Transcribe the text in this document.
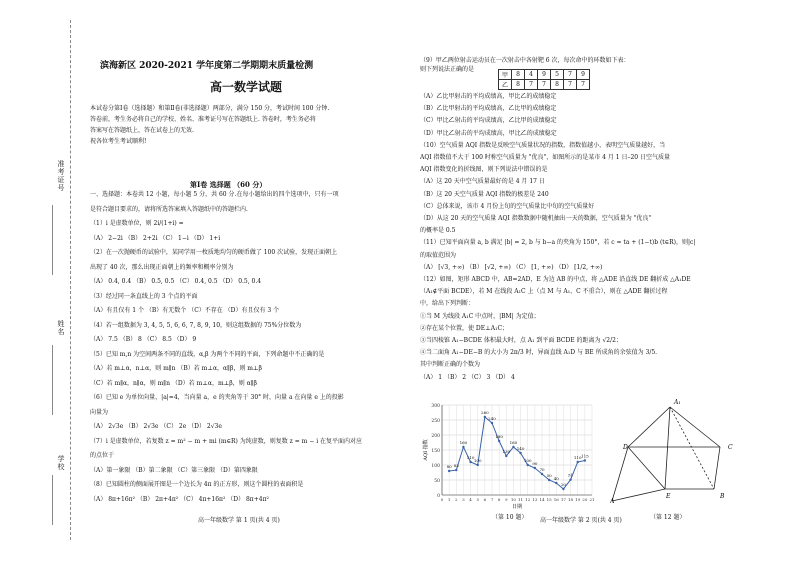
准考证号
姓名
学校
滨海新区 2020-2021 学年度第二学期期末质量检测
高一数学试题
本试卷分第Ⅰ卷（选择题）和第Ⅱ卷(非选择题）两部分，满分 150 分，考试时间 100 分钟.
答卷前，考生务必将自己的学校、姓名、准考证号写在答题纸上. 答卷时，考生务必将
答案写在答题纸上，答在试卷上的无效.
祝各位考生考试顺利!
第Ⅰ卷 选择题 （60 分）
一、选择题：本卷共 12 小题，每小题 5 分，共 60 分.在每小题给出的四个选项中，只有一项
是符合题目要求的，请将所选答案填入答题纸中的答题栏内.
（1）i 是虚数单位，则 2i/(1+i) =
（A） 2−2i （B） 2+2i （C） 1−i （D） 1+i
（2）在一次抛硬币的试验中，某同学用一枚质地均匀的硬币做了 100 次试验，发现正面朝上
出现了 40 次，那么出现正面朝上的频率和概率分别为
（A） 0.4, 0.4 （B） 0.5, 0.5 （C） 0.4, 0.5 （D） 0.5, 0.4
（3）经过同一条直线上的 3 个点的平面
（A）有且仅有 1 个 （B）有无数个 （C）不存在 （D）有且仅有 3 个
（4）若一组数据为 3, 4, 5, 5, 6, 6, 7, 8, 9, 10，则这组数据的 75%分位数为
（A） 7.5 （B） 8 （C） 8.5 （D） 9
（5）已知 m,n 为空间两条不同的直线，α,β 为两个不同的平面，下列命题中不正确的是
（A）若 m⊥α，n⊥α，则 m∥n （B）若 m⊥α，α∥β，则 m⊥β
（C）若 m∥α，n∥α，则 m∥n （D）若 m⊥α，m⊥β，则 α∥β
（6）已知 e 为单位向量，|a|=4，当向量 a，e 的夹角等于 30° 时，向量 a 在向量 e 上的投影
向量为
（A） 2√3e （B） 2√3e （C） 2e （D） 2√3e
（7）i 是虚数单位，若复数 z = m² − m + mi (m∈R) 为纯虚数，则复数 z = m − i 在复平面内对应
的点位于
（A）第一象限 （B）第二象限 （C）第三象限 （D）第四象限
（8）已知圆柱的侧面展开图是一个边长为 4π 的正方形，则这个圆柱的表面积是
（A） 8π+16π² （B） 2π+4π² （C） 4π+16π² （D） 8π+4π²
高一年级数学 第 1 页(共 4 页)
（9）甲乙两位射击运动员在一次射击中各射靶 6 次，每次命中的环数如下表：
则下列说法正确的是
甲	8	4	9	5	7	9
乙	8	7	7	8	7	7
（A）乙比甲射击的平均成绩高，甲比乙的成绩稳定
（B）乙比甲射击的平均成绩高，乙比甲的成绩稳定
（C）甲比乙射击的平均成绩高，乙比甲的成绩稳定
（D）甲比乙射击的平均成绩高，甲比乙的成绩稳定
（10）空气质量 AQI 指数是反映空气质量状况的指数，指数值越小，表明空气质量越好，当
AQI 指数值不大于 100 时称空气质量为 "优良"，如图所示的是某市 4 月 1 日–20 日空气质量
AQI 指数变化的折线图，则下列说法中错误的是
（A）这 20 天中空气质量最好的是 4 月 17 日
（B）这 20 天空气质量 AQI 指数的极差是 240
（C）总体来说，该市 4 月份上旬的空气质量比中旬的空气质量好
（D）从这 20 天的空气质量 AQI 指数数据中随机抽出一天的数据，空气质量为 "优良"
的概率是 0.5
（11）已知平面向量 a, b 满足 |b| = 2, b 与 b−a 的夹角为 150°，若 c = ta + (1−t)b (t∈R)，则|c|
的取值范围为
（A） [√3, +∞) （B） [√2, +∞) （C） [1, +∞) （D） [1/2, +∞)
（12）如图，矩形 ABCD 中，AB=2AD，E 为边 AB 的中点，将 △ADE 沿直线 DE 翻折成 △A₁DE
（A₁∉平面 BCDE），若 M 在线段 A₁C 上（点 M 与 A₁、C 不重合），则在 △ADE 翻折过程
中，给出下列判断：
①当 M 为线段 A₁C 中点时，|BM| 为定值；
②存在某个位置，使 DE⊥A₁C；
③当四棱锥 A₁−BCDE 体积最大时，点 A₁ 到平面 BCDE 的距离为 √2/2；
④当二面角 A₁−DE−B 的大小为 2π/3 时，异面直线 A₁D 与 BE 所成角的余弦值为 3/5.
其中判断正确的个数为
（A） 1 （B） 2 （C） 3 （D） 4
0
50
100
150
200
250
300
0 1 2 3 4 5 6 7 8 9 10 11 12 13 14 15 16 17 18 19 20 21
日期
AQI 指数
80 83
160
110
100
260
240
180
130
160
140
100
90
70
50
40
20
51
110 115
（第 10 题）
A₁
D	C
A
E	B
（第 12 题）
高一年级数学 第 2 页(共 4 页)
